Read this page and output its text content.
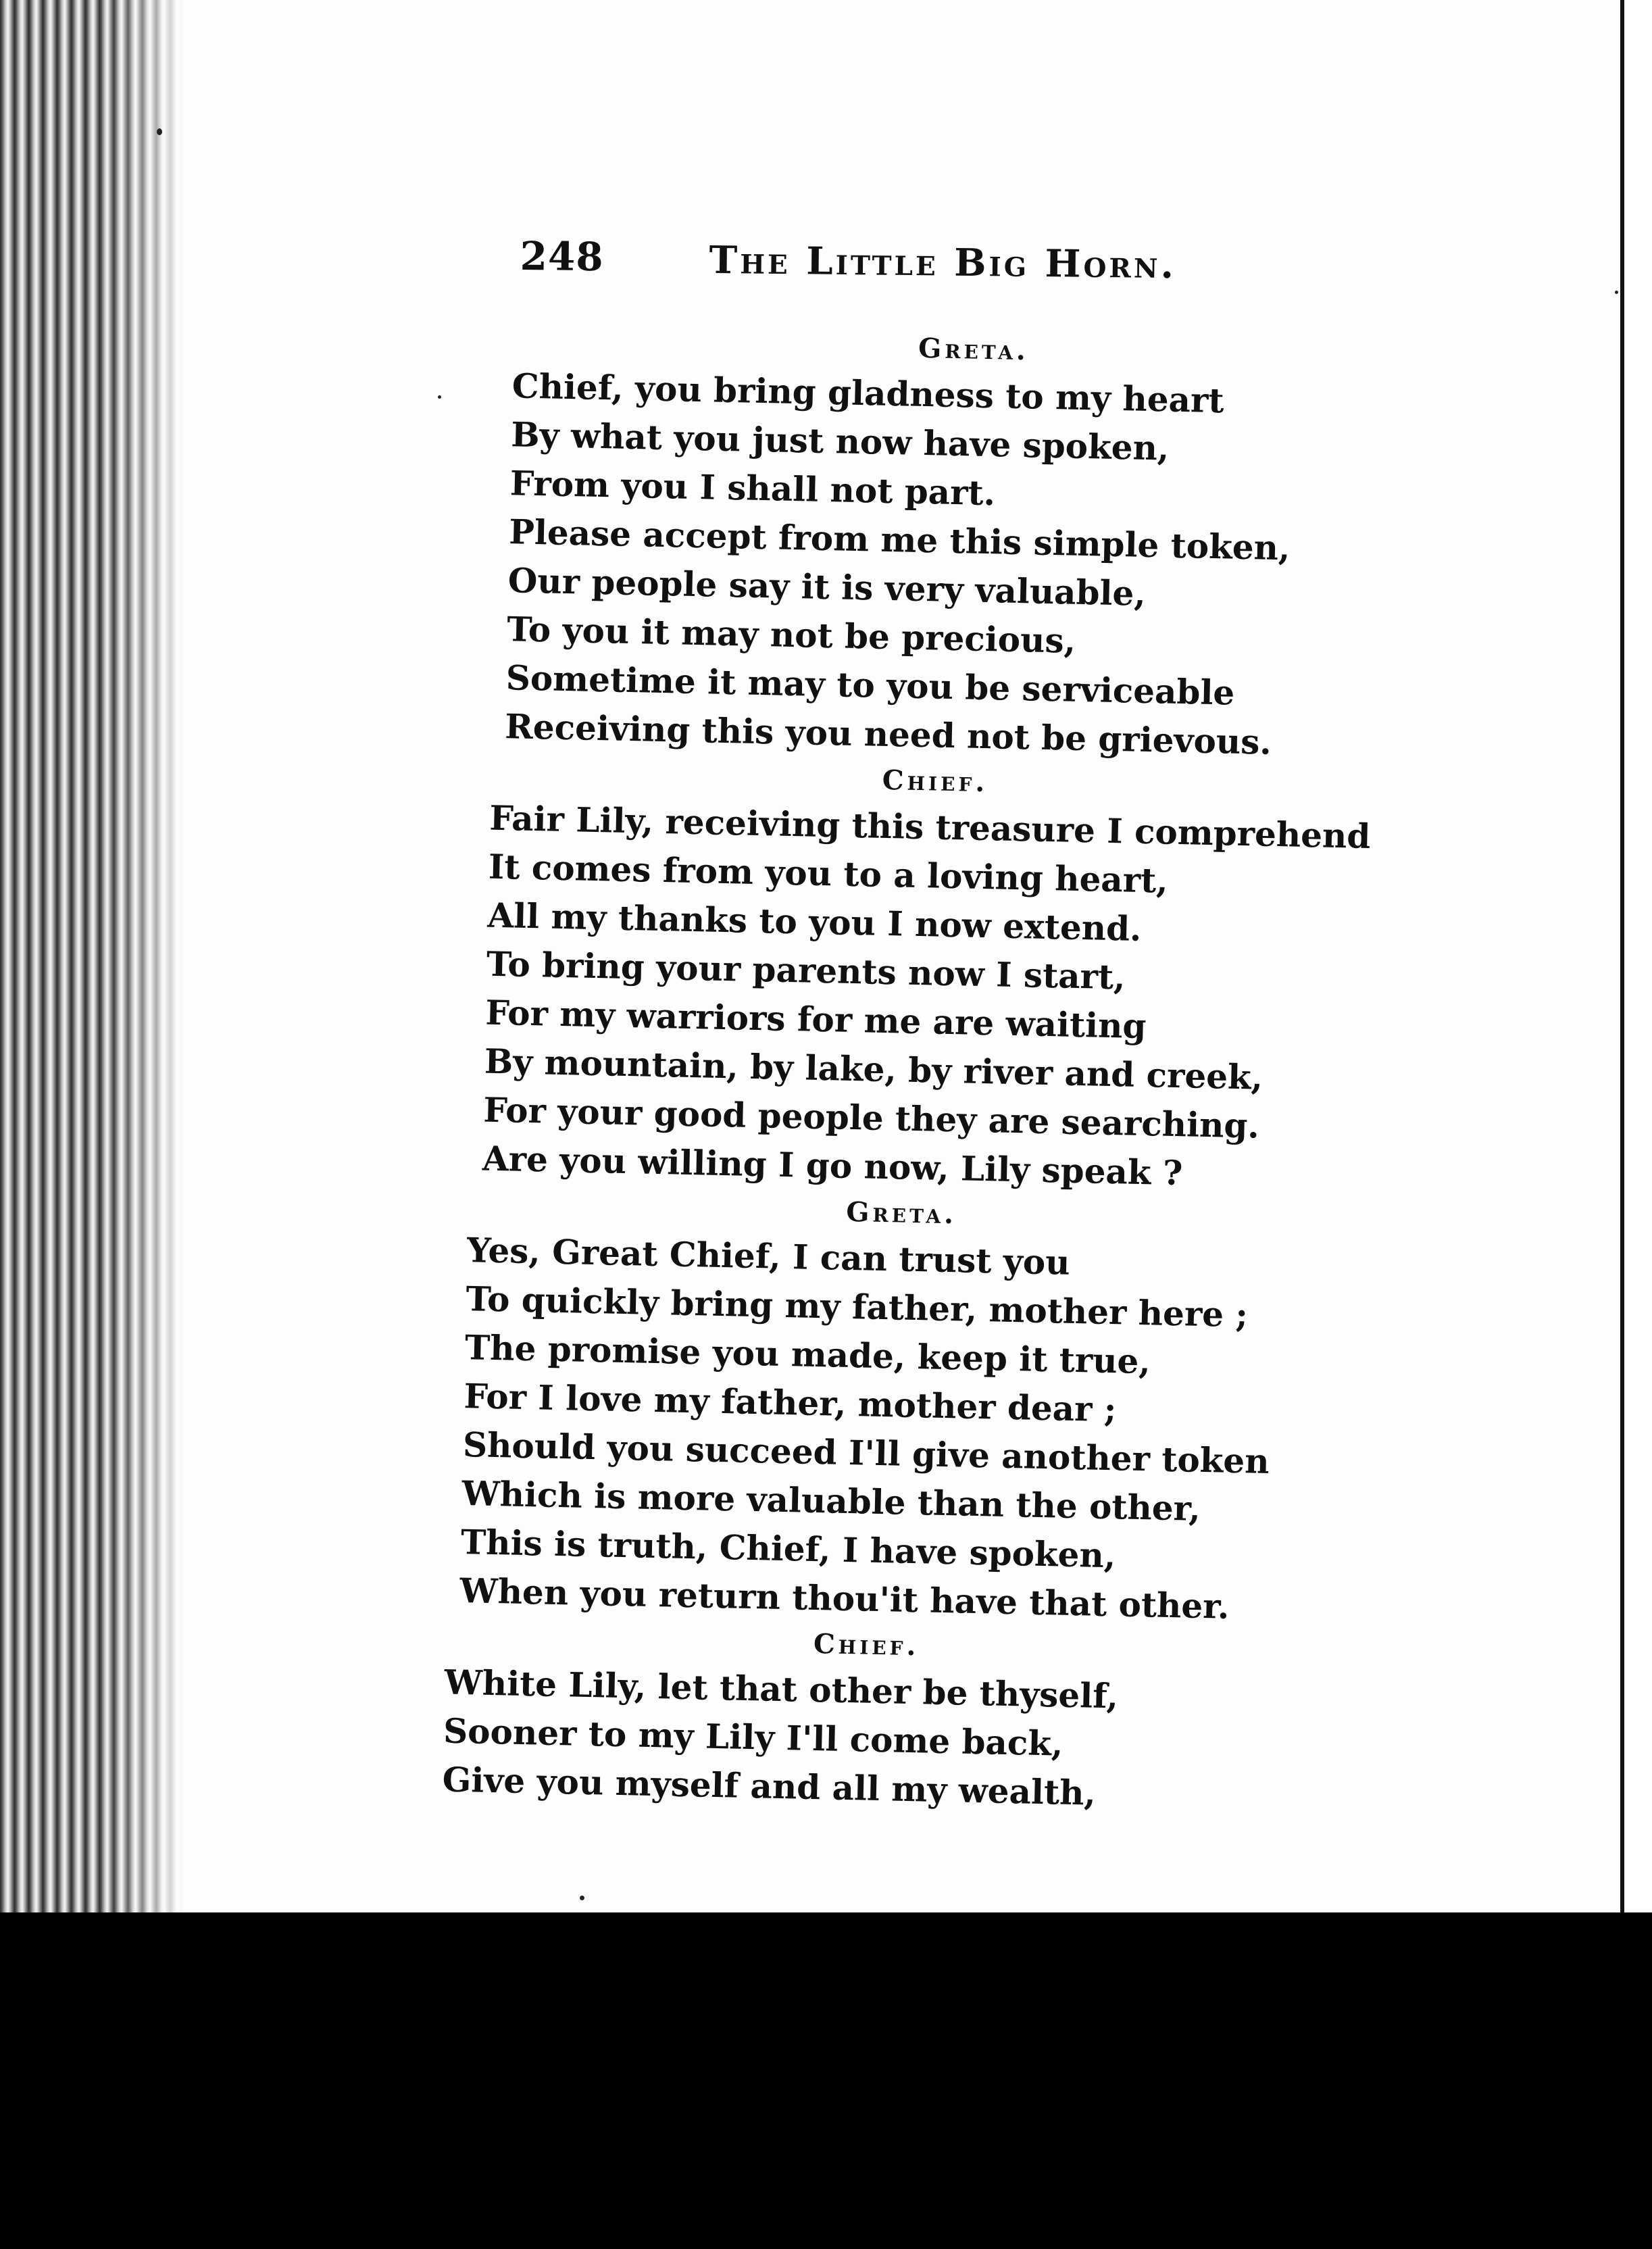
248	The Little Big Horn.
Greta.
Chief, you bring gladness to my heart
By what you just now have spoken,
From you I shall not part.
Please accept from me this simple token,
Our people say it is very valuable,
To you it may not be precious,
Sometime it may to you be serviceable
Receiving this you need not be grievous.
Chief.
Fair Lily, receiving this treasure I comprehend
It comes from you to a loving heart,
All my thanks to you I now extend.
To bring your parents now I start,
For my warriors for me are waiting
By mountain, by lake, by river and creek,
For your good people they are searching.
Are you willing I go now, Lily speak ?
Greta.
Yes, Great Chief, I can trust you
To quickly bring my father, mother here ;
The promise you made, keep it true,
For I love my father, mother dear ;
Should you succeed I'll give another token
Which is more valuable than the other,
This is truth, Chief, I have spoken,
When you return thou'it have that other.
Chief.
White Lily, let that other be thyself,
Sooner to my Lily I'll come back,
Give you myself and all my wealth,
